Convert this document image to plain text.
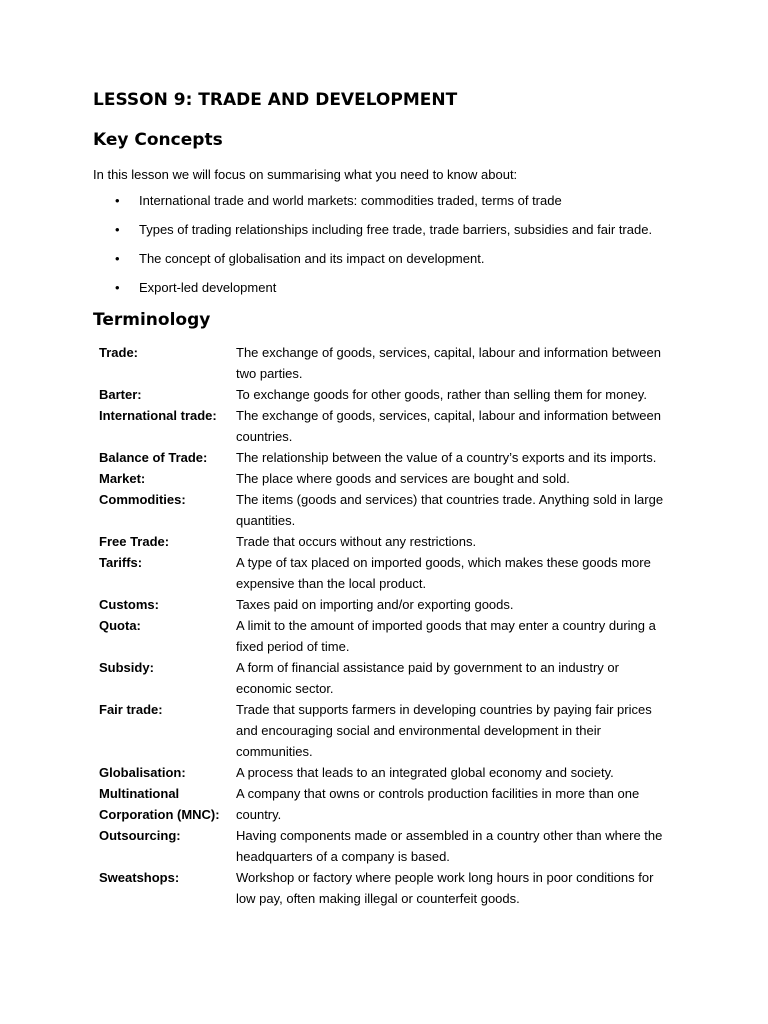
LESSON 9: TRADE AND DEVELOPMENT
Key Concepts

In this lesson we will focus on summarising what you need to know about:

• International trade and world markets: commodities traded, terms of trade
• Types of trading relationships including free trade, trade barriers, subsidies and fair trade.
• The concept of globalisation and its impact on development.
• Export-led development
Terminology
Trade:	The exchange of goods, services, capital, labour and information between two parties.
Barter:	To exchange goods for other goods, rather than selling them for money.
International trade:	The exchange of goods, services, capital, labour and information between countries.
Balance of Trade:	The relationship between the value of a country’s exports and its imports.
Market:	The place where goods and services are bought and sold.
Commodities:	The items (goods and services) that countries trade. Anything sold in large quantities.
Free Trade:	Trade that occurs without any restrictions.
Tariffs:	A type of tax placed on imported goods, which makes these goods more expensive than the local product.
Customs:	Taxes paid on importing and/or exporting goods.
Quota:	A limit to the amount of imported goods that may enter a country during a fixed period of time.
Subsidy:	A form of financial assistance paid by government to an industry or economic sector.
Fair trade:	Trade that supports farmers in developing countries by paying fair prices and encouraging social and environmental development in their communities.
Globalisation:	A process that leads to an integrated global economy and society.
Multinational Corporation (MNC):
A company that owns or controls production facilities in more than one country.
Outsourcing:	Having components made or assembled in a country other than where the headquarters of a company is based.
Sweatshops:	Workshop or factory where people work long hours in poor conditions for low pay, often making illegal or counterfeit goods.
